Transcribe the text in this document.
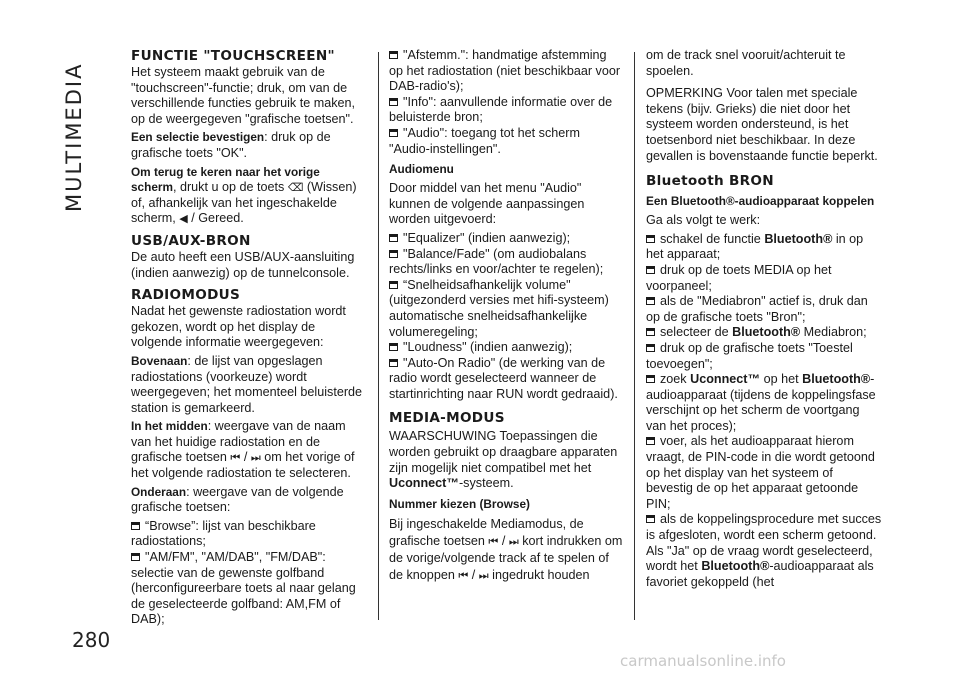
MULTIMEDIA
280
FUNCTIE "TOUCHSCREEN"

Het systeem maakt gebruik van de "touchscreen"-functie; druk, om van de verschillende functies gebruik te maken, op de weergegeven "grafische toetsen".

Een selectie bevestigen: druk op de grafische toets "OK".

Om terug te keren naar het vorige scherm, drukt u op de toets ⌫ (Wissen) of, afhankelijk van het ingeschakelde scherm, ◀ / Gereed.

USB/AUX-BRON

De auto heeft een USB/AUX-aansluiting (indien aanwezig) op de tunnelconsole.

RADIOMODUS

Nadat het gewenste radiostation wordt gekozen, wordt op het display de volgende informatie weergegeven:

Bovenaan: de lijst van opgeslagen radiostations (voorkeuze) wordt weergegeven; het momenteel beluisterde station is gemarkeerd.

In het midden: weergave van de naam van het huidige radiostation en de grafische toetsen ⏮ / ⏭ om het vorige of het volgende radiostation te selecteren.

Onderaan: weergave van de volgende grafische toetsen:

“Browse”: lijst van beschikbare radiostations;

"AM/FM", "AM/DAB", "FM/DAB": selectie van de gewenste golfband (herconfigureerbare toets al naar gelang de geselecteerde golfband: AM,FM of DAB);

"Afstemm.": handmatige afstemming op het radiostation (niet beschikbaar voor DAB-radio's);

"Info": aanvullende informatie over de beluisterde bron;

"Audio": toegang tot het scherm "Audio-instellingen".

Audiomenu

Door middel van het menu "Audio" kunnen de volgende aanpassingen worden uitgevoerd:

"Equalizer" (indien aanwezig);

"Balance/Fade" (om audiobalans rechts/links en voor/achter te regelen);

“Snelheidsafhankelijk volume" (uitgezonderd versies met hifi-systeem) automatische snelheidsafhankelijke volumeregeling;

"Loudness" (indien aanwezig);

"Auto-On Radio" (de werking van de radio wordt geselecteerd wanneer de startinrichting naar RUN wordt gedraaid).

MEDIA-MODUS

WAARSCHUWING Toepassingen die worden gebruikt op draagbare apparaten zijn mogelijk niet compatibel met het Uconnect™-systeem.

Nummer kiezen (Browse)

Bij ingeschakelde Mediamodus, de grafische toetsen ⏮ / ⏭ kort indrukken om de vorige/volgende track af te spelen of de knoppen ⏮ / ⏭ ingedrukt houden

om de track snel vooruit/achteruit te spoelen.

OPMERKING Voor talen met speciale tekens (bijv. Grieks) die niet door het systeem worden ondersteund, is het toetsenbord niet beschikbaar. In deze gevallen is bovenstaande functie beperkt.

Bluetooth BRON
Een Bluetooth®-audioapparaat koppelen

Ga als volgt te werk:

schakel de functie Bluetooth® in op het apparaat;

druk op de toets MEDIA op het voorpaneel;

als de "Mediabron" actief is, druk dan op de grafische toets "Bron";

selecteer de Bluetooth® Mediabron;

druk op de grafische toets "Toestel toevoegen";

zoek Uconnect™ op het Bluetooth®-audioapparaat (tijdens de koppelingsfase verschijnt op het scherm de voortgang van het proces);

voer, als het audioapparaat hierom vraagt, de PIN-code in die wordt getoond op het display van het systeem of bevestig de op het apparaat getoonde PIN;

als de koppelingsprocedure met succes is afgesloten, wordt een scherm getoond. Als "Ja" op de vraag wordt geselecteerd, wordt het Bluetooth®-audioapparaat als favoriet gekoppeld (het

carmanualsonline.info
